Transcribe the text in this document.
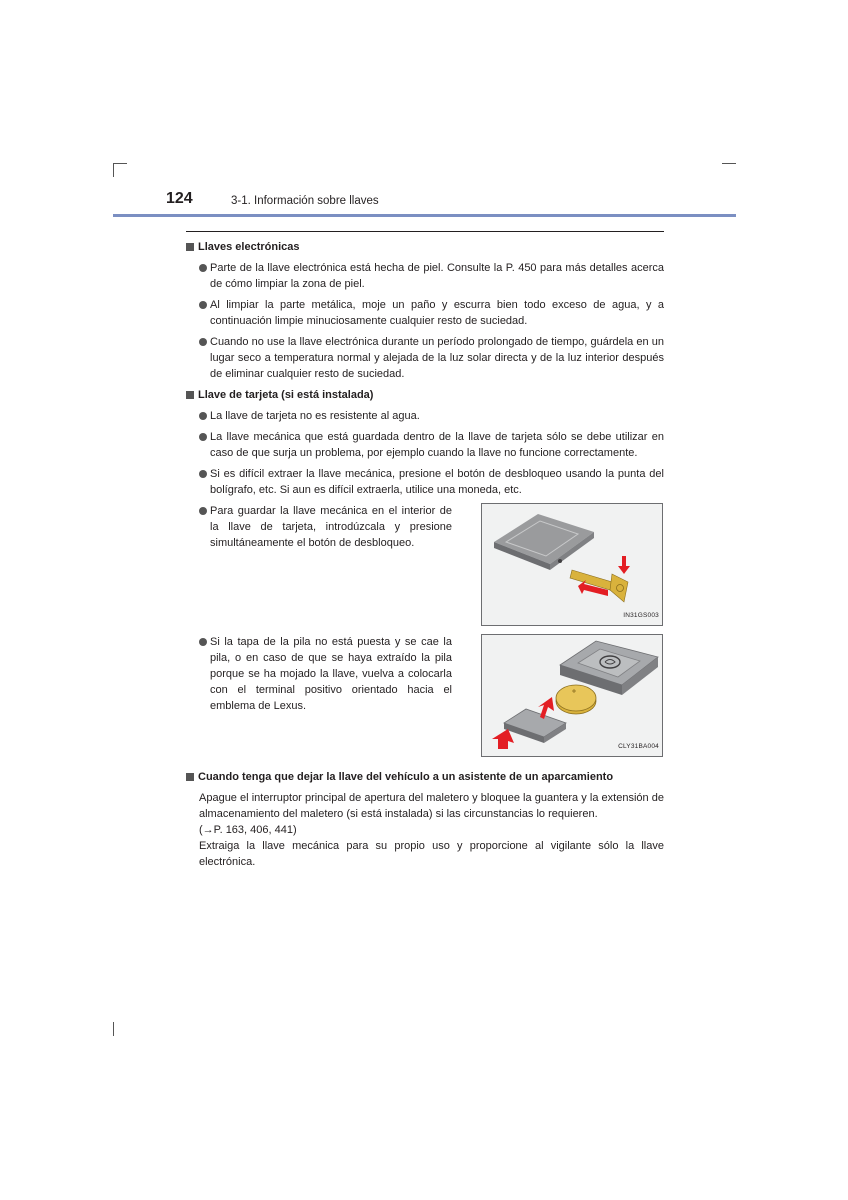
124	3-1. Información sobre llaves
Llaves electrónicas
Parte de la llave electrónica está hecha de piel. Consulte la P. 450 para más detalles acerca de cómo limpiar la zona de piel.
Al limpiar la parte metálica, moje un paño y escurra bien todo exceso de agua, y a continuación limpie minuciosamente cualquier resto de suciedad.
Cuando no use la llave electrónica durante un período prolongado de tiempo, guárdela en un lugar seco a temperatura normal y alejada de la luz solar directa y de la luz interior después de eliminar cualquier resto de suciedad.
Llave de tarjeta (si está instalada)
La llave de tarjeta no es resistente al agua.
La llave mecánica que está guardada dentro de la llave de tarjeta sólo se debe utilizar en caso de que surja un problema, por ejemplo cuando la llave no funcione correctamente.
Si es difícil extraer la llave mecánica, presione el botón de desbloqueo usando la punta del bolígrafo, etc. Si aun es difícil extraerla, utilice una moneda, etc.
Para guardar la llave mecánica en el interior de la llave de tarjeta, introdúzcala y presione simultáneamente el botón de desbloqueo.
IN31GS003
Si la tapa de la pila no está puesta y se cae la pila, o en caso de que se haya extraído la pila porque se ha mojado la llave, vuelva a colocarla con el terminal positivo orientado hacia el emblema de Lexus.
CLY31BA004
Cuando tenga que dejar la llave del vehículo a un asistente de un aparcamiento

Apague el interruptor principal de apertura del maletero y bloquee la guantera y la extensión de almacenamiento del maletero (si está instalada) si las circunstancias lo requieren.

(→P. 163, 406, 441)

Extraiga la llave mecánica para su propio uso y proporcione al vigilante sólo la llave electrónica.
